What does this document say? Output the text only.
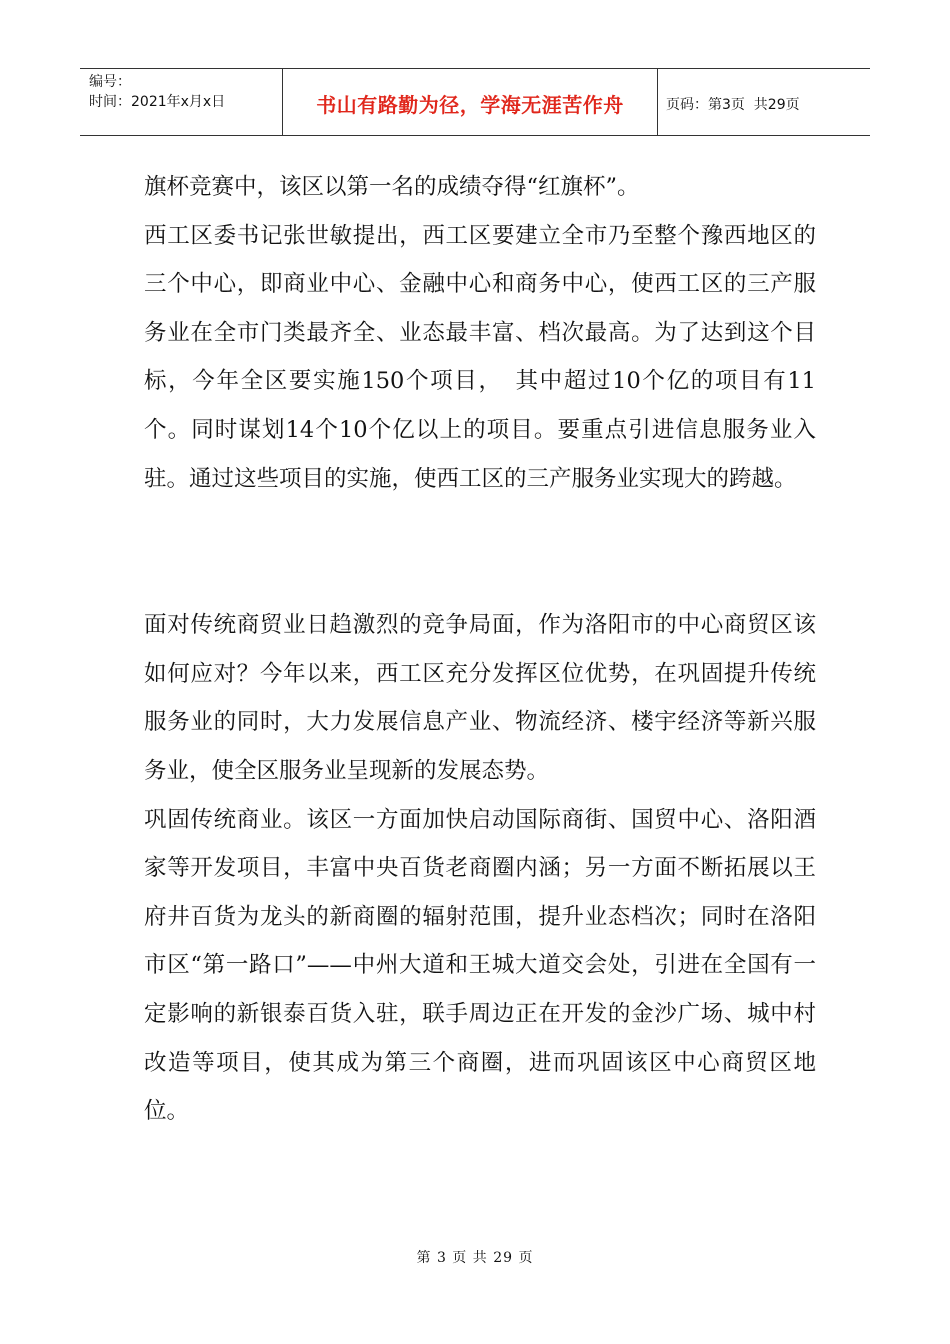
编号：
时间：2021年x月x日	书山有路勤为径，学海无涯苦作舟	页码：第3页  共29页

旗杯竞赛中，该区以第一名的成绩夺得“红旗杯”。

西工区委书记张世敏提出，西工区要建立全市乃至整个豫西地区的三个中心，即商业中心、金融中心和商务中心，使西工区的三产服务业在全市门类最齐全、业态最丰富、档次最高。为了达到这个目标，今年全区要实施150个项目，　其中超过10个亿的项目有11个。同时谋划14个10个亿以上的项目。要重点引进信息服务业入驻。通过这些项目的实施，使西工区的三产服务业实现大的跨越。

面对传统商贸业日趋激烈的竞争局面，作为洛阳市的中心商贸区该如何应对？今年以来，西工区充分发挥区位优势，在巩固提升传统服务业的同时，大力发展信息产业、物流经济、楼宇经济等新兴服务业，使全区服务业呈现新的发展态势。

巩固传统商业。该区一方面加快启动国际商街、国贸中心、洛阳酒家等开发项目，丰富中央百货老商圈内涵；另一方面不断拓展以王府井百货为龙头的新商圈的辐射范围，提升业态档次；同时在洛阳市区“第一路口”——中州大道和王城大道交会处，引进在全国有一定影响的新银泰百货入驻，联手周边正在开发的金沙广场、城中村改造等项目，使其成为第三个商圈，进而巩固该区中心商贸区地位。

第 3 页 共 29 页
